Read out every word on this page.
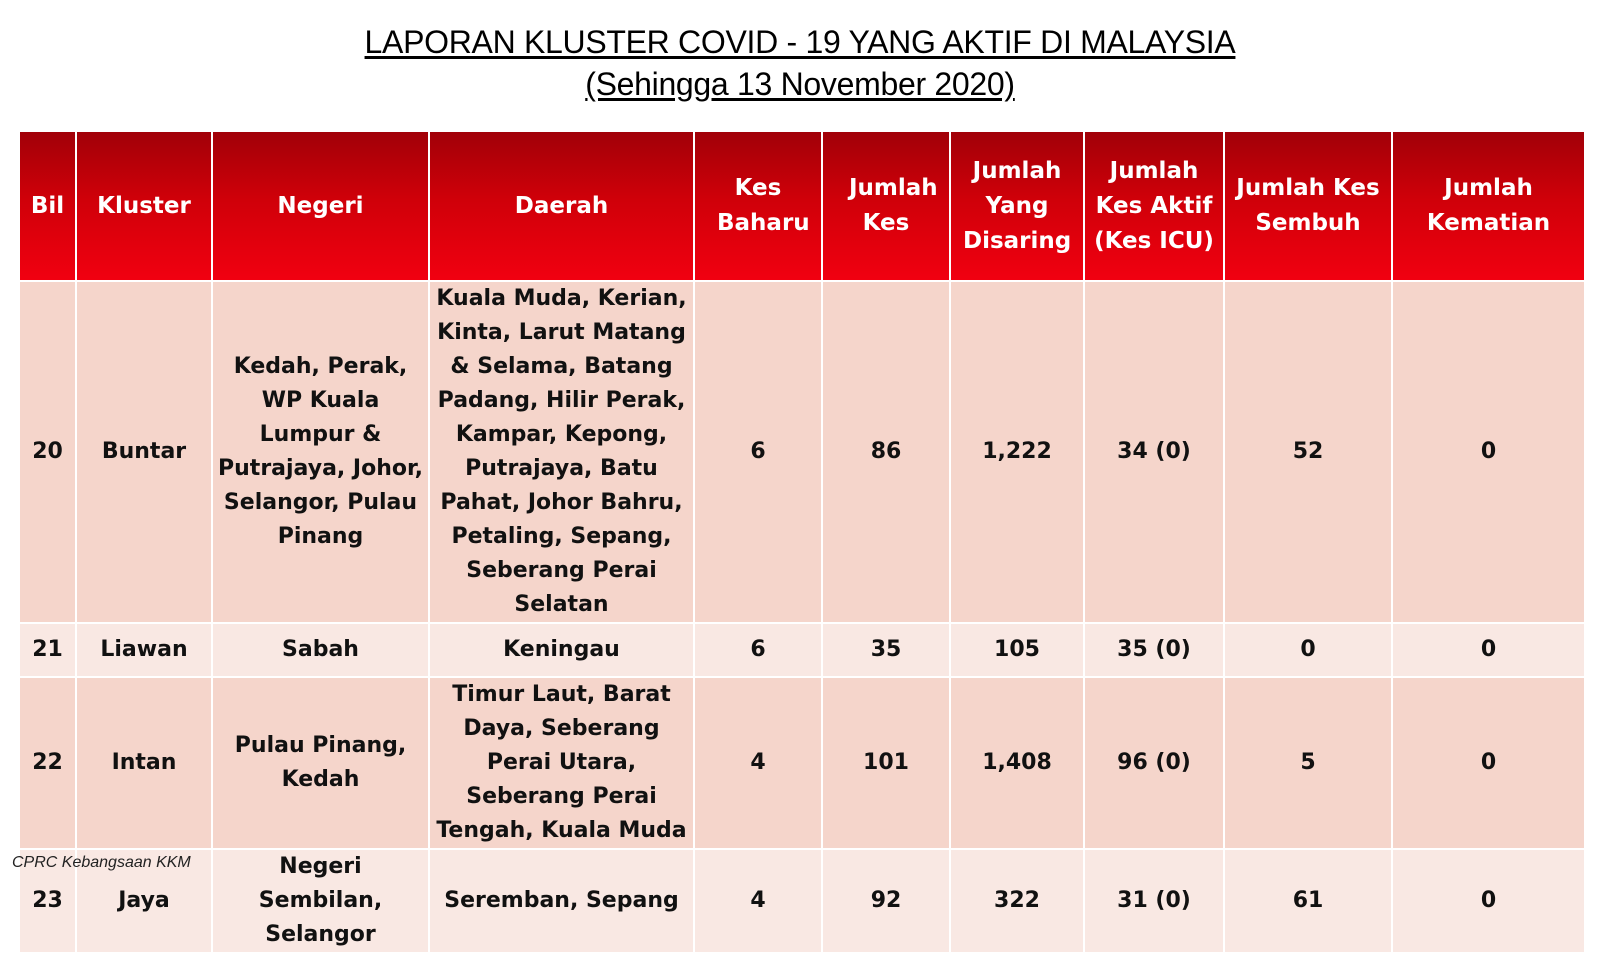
LAPORAN KLUSTER COVID - 19 YANG AKTIF DI MALAYSIA
(Sehingga 13 November 2020)
Bil	Kluster	Negeri	Daerah	Kes Baharu	Jumlah Kes	Jumlah Yang Disaring	Jumlah Kes Aktif (Kes ICU)	Jumlah Kes Sembuh	Jumlah Kematian
20	Buntar	Kedah, Perak, WP Kuala Lumpur & Putrajaya, Johor, Selangor, Pulau Pinang	Kuala Muda, Kerian, Kinta, Larut Matang & Selama, Batang Padang, Hilir Perak, Kampar, Kepong, Putrajaya, Batu Pahat, Johor Bahru, Petaling, Sepang, Seberang Perai Selatan	6	86	1,222	34 (0)	52	0
21	Liawan	Sabah	Keningau	6	35	105	35 (0)	0	0
22	Intan	Pulau Pinang, Kedah	Timur Laut, Barat Daya, Seberang Perai Utara, Seberang Perai Tengah, Kuala Muda	4	101	1,408	96 (0)	5	0
23	Jaya	Negeri Sembilan, Selangor	Seremban, Sepang	4	92	322	31 (0)	61	0
CPRC Kebangsaan KKM
